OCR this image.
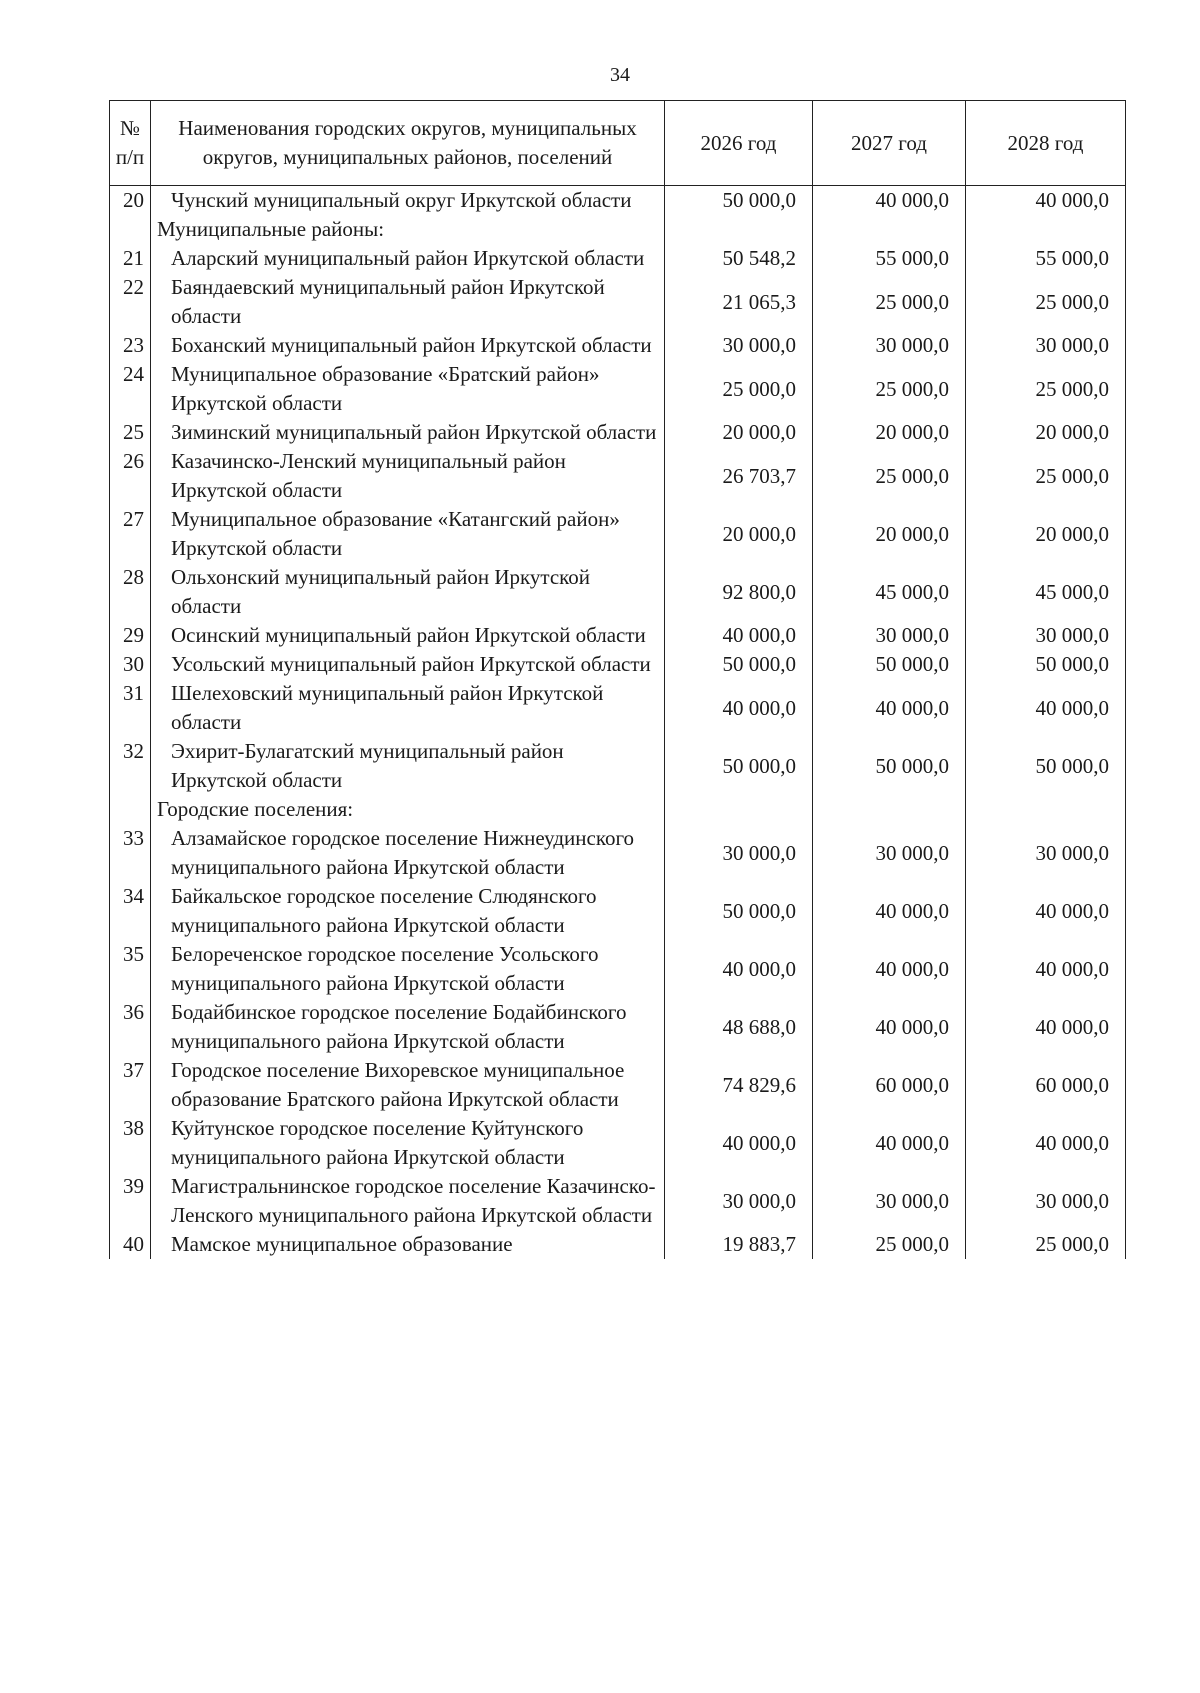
34
№ п/п	Наименования городских округов, муниципальных округов, муниципальных районов, поселений	2026 год	2027 год	2028 год
20	Чунский муниципальный округ Иркутской области	50 000,0	40 000,0	40 000,0
	Муниципальные районы:			
21	Аларский муниципальный район Иркутской области	50 548,2	55 000,0	55 000,0
22	Баяндаевский муниципальный район Иркутской области	21 065,3	25 000,0	25 000,0
23	Боханский муниципальный район Иркутской области	30 000,0	30 000,0	30 000,0
24	Муниципальное образование «Братский район» Иркутской области	25 000,0	25 000,0	25 000,0
25	Зиминский муниципальный район Иркутской области	20 000,0	20 000,0	20 000,0
26	Казачинско-Ленский муниципальный район Иркутской области	26 703,7	25 000,0	25 000,0
27	Муниципальное образование «Катангский район» Иркутской области	20 000,0	20 000,0	20 000,0
28	Ольхонский муниципальный район Иркутской области	92 800,0	45 000,0	45 000,0
29	Осинский муниципальный район Иркутской области	40 000,0	30 000,0	30 000,0
30	Усольский муниципальный район Иркутской области	50 000,0	50 000,0	50 000,0
31	Шелеховский муниципальный район Иркутской области	40 000,0	40 000,0	40 000,0
32	Эхирит-Булагатский муниципальный район Иркутской области	50 000,0	50 000,0	50 000,0
	Городские поселения:			
33	Алзамайское городское поселение Нижнеудинского муниципального района Иркутской области	30 000,0	30 000,0	30 000,0
34	Байкальское городское поселение Слюдянского муниципального района Иркутской области	50 000,0	40 000,0	40 000,0
35	Белореченское городское поселение Усольского муниципального района Иркутской области	40 000,0	40 000,0	40 000,0
36	Бодайбинское городское поселение Бодайбинского муниципального района Иркутской области	48 688,0	40 000,0	40 000,0
37	Городское поселение Вихоревское муниципальное образование Братского района Иркутской области	74 829,6	60 000,0	60 000,0
38	Куйтунское городское поселение Куйтунского муниципального района Иркутской области	40 000,0	40 000,0	40 000,0
39	Магистральнинское городское поселение Казачинско-Ленского муниципального района Иркутской области	30 000,0	30 000,0	30 000,0
40	Мамское муниципальное образование	19 883,7	25 000,0	25 000,0
